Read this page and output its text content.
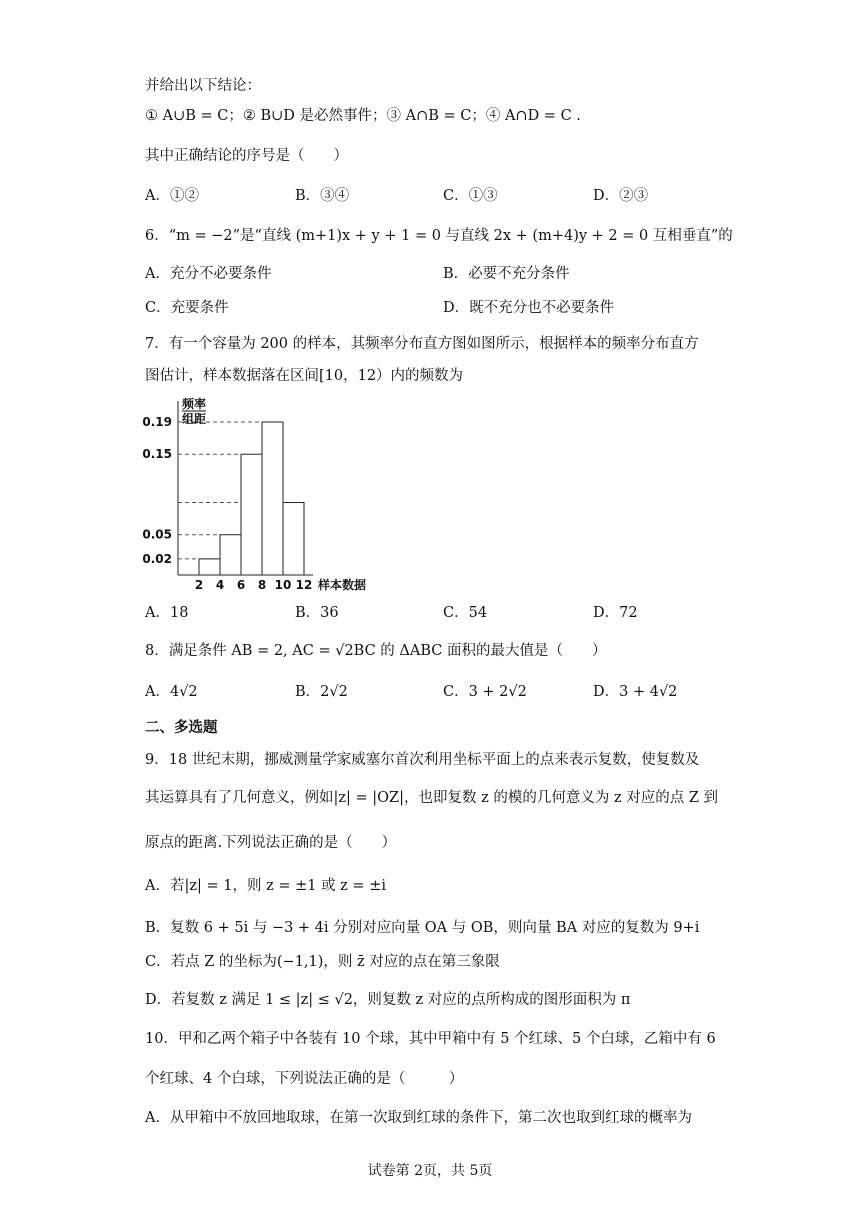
并给出以下结论：
① A∪B = C；② B∪D 是必然事件；③ A∩B = C；④ A∩D = C .
其中正确结论的序号是（　　）
A．①②	B．③④	C．①③	D．②③
6．“m = −2”是“直线 (m+1)x + y + 1 = 0 与直线 2x + (m+4)y + 2 = 0 互相垂直”的
A．充分不必要条件	B．必要不充分条件
C．充要条件	D．既不充分也不必要条件
7．有一个容量为 200 的样本，其频率分布直方图如图所示，根据样本的频率分布直方
图估计，样本数据落在区间[10，12）内的频数为
频率
组距
0.19
0.15
0.05
0.02
2 4 6 8 10 12 样本数据
A．18	B．36	C．54	D．72
8．满足条件 AB = 2, AC = √2BC 的 ΔABC 面积的最大值是（　　）
A．4√2	B．2√2	C．3 + 2√2	D．3 + 4√2
二、多选题
9．18 世纪末期，挪威测量学家威塞尔首次利用坐标平面上的点来表示复数，使复数及
其运算具有了几何意义，例如|z| = |OZ|，也即复数 z 的模的几何意义为 z 对应的点 Z 到
原点的距离.下列说法正确的是（　　）
A．若|z| = 1，则 z = ±1 或 z = ±i
B．复数 6 + 5i 与 −3 + 4i 分别对应向量 OA 与 OB，则向量 BA 对应的复数为 9+i
C．若点 Z 的坐标为(−1,1)，则 z̄ 对应的点在第三象限
D．若复数 z 满足 1 ≤ |z| ≤ √2，则复数 z 对应的点所构成的图形面积为 π
10．甲和乙两个箱子中各装有 10 个球，其中甲箱中有 5 个红球、5 个白球，乙箱中有 6
个红球、4 个白球，下列说法正确的是（　　　）
A．从甲箱中不放回地取球，在第一次取到红球的条件下，第二次也取到红球的概率为
试卷第 2页，共 5页
